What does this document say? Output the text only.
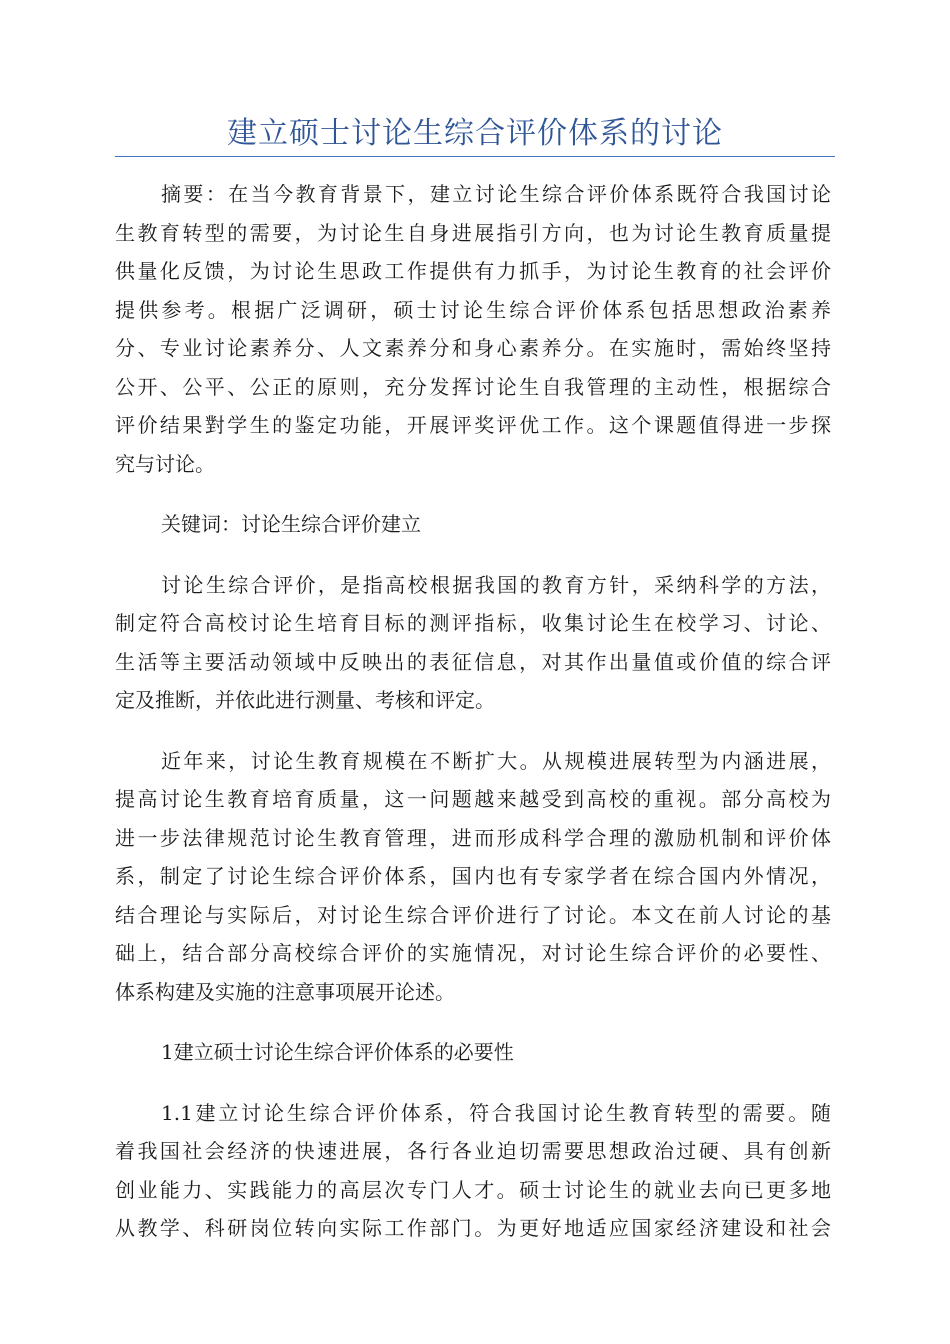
建立硕士讨论生综合评价体系的讨论
摘要：在当今教育背景下，建立讨论生综合评价体系既符合我国讨论
生教育转型的需要，为讨论生自身进展指引方向，也为讨论生教育质量提
供量化反馈，为讨论生思政工作提供有力抓手，为讨论生教育的社会评价
提供参考。根据广泛调研，硕士讨论生综合评价体系包括思想政治素养
分、专业讨论素养分、人文素养分和身心素养分。在实施时，需始终坚持
公开、公平、公正的原则，充分发挥讨论生自我管理的主动性，根据综合
评价结果對学生的鉴定功能，开展评奖评优工作。这个课题值得进一步探
究与讨论。
关键词：讨论生综合评价建立
讨论生综合评价，是指高校根据我国的教育方针，采纳科学的方法，
制定符合高校讨论生培育目标的测评指标，收集讨论生在校学习、讨论、
生活等主要活动领域中反映出的表征信息，对其作出量值或价值的综合评
定及推断，并依此进行测量、考核和评定。
近年来，讨论生教育规模在不断扩大。从规模进展转型为内涵进展，
提高讨论生教育培育质量，这一问题越来越受到高校的重视。部分高校为
进一步法律规范讨论生教育管理，进而形成科学合理的激励机制和评价体
系，制定了讨论生综合评价体系，国内也有专家学者在综合国内外情况，
结合理论与实际后，对讨论生综合评价进行了讨论。本文在前人讨论的基
础上，结合部分高校综合评价的实施情况，对讨论生综合评价的必要性、
体系构建及实施的注意事项展开论述。
1建立硕士讨论生综合评价体系的必要性
1.1建立讨论生综合评价体系，符合我国讨论生教育转型的需要。随
着我国社会经济的快速进展，各行各业迫切需要思想政治过硬、具有创新
创业能力、实践能力的高层次专门人才。硕士讨论生的就业去向已更多地
从教学、科研岗位转向实际工作部门。为更好地适应国家经济建设和社会
